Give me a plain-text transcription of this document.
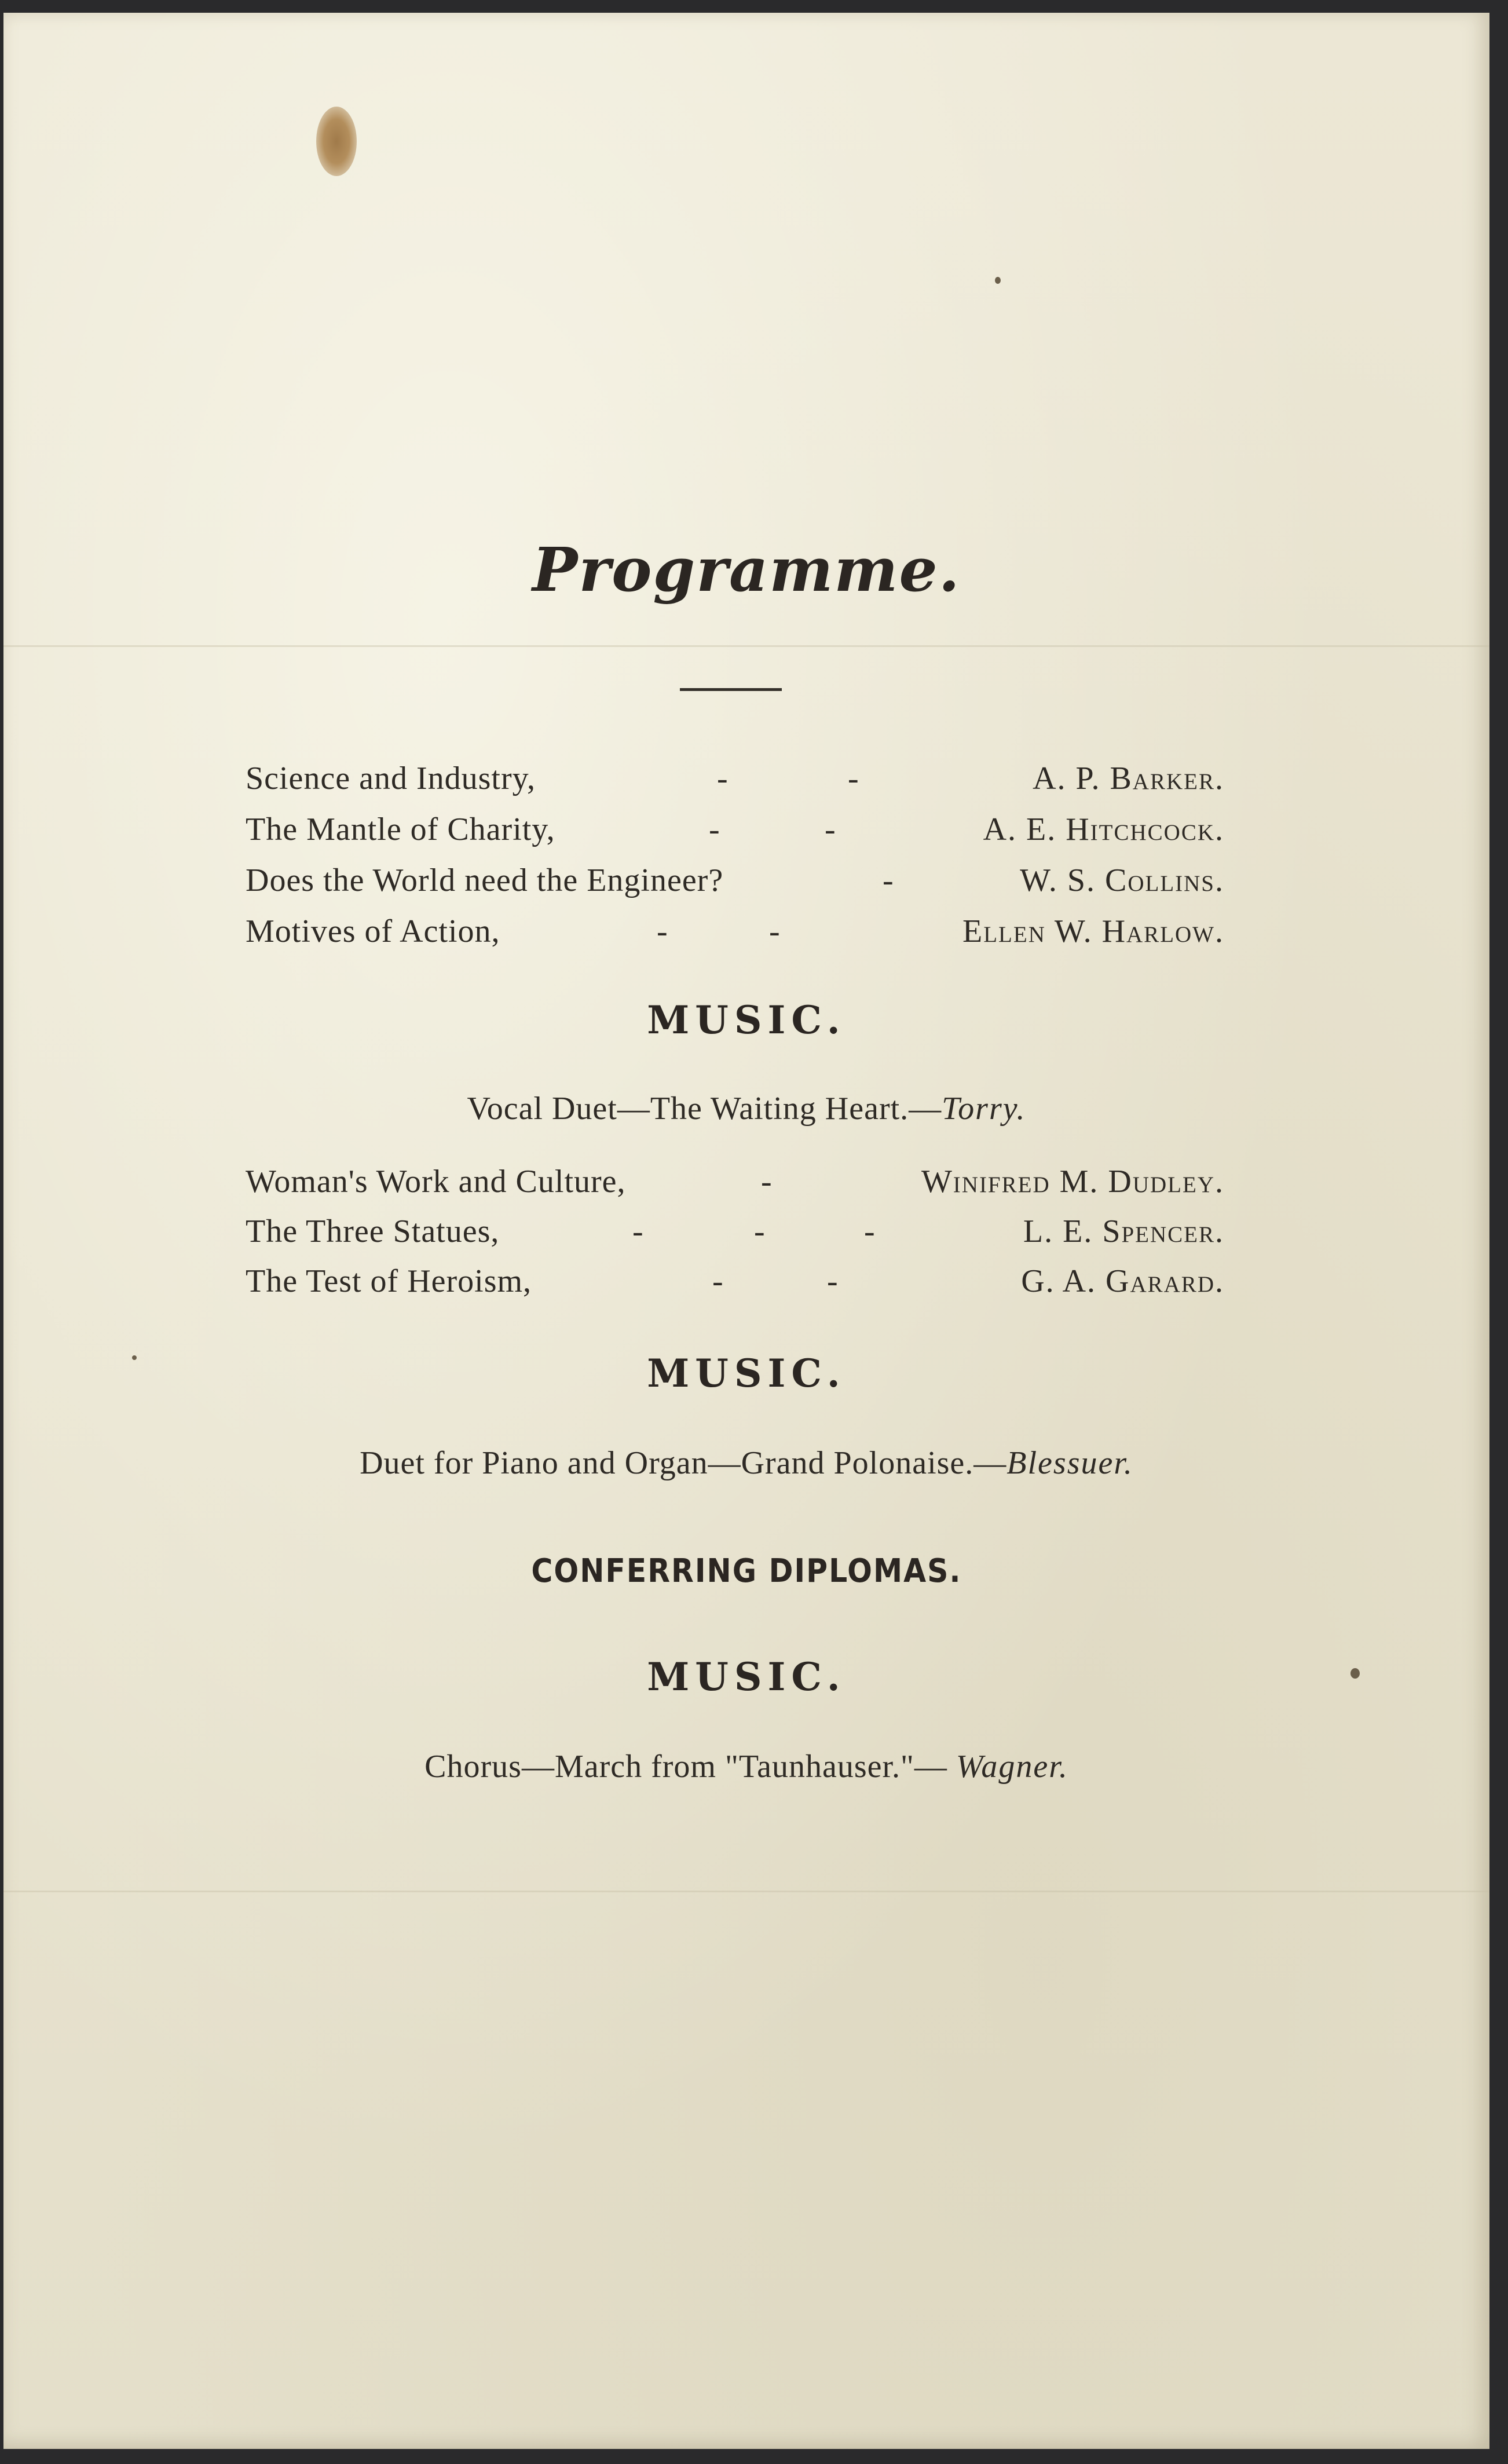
Programme.
Science and Industry,	-	-	A. P. Barker.
The Mantle of Charity,	-	-	A. E. Hitchcock.
Does the World need the Engineer?	-	W. S. Collins.
Motives of Action,	-	-	Ellen W. Harlow.
MUSIC.
Vocal Duet—The Waiting Heart.—Torry.
Woman's Work and Culture,	-	Winifred M. Dudley.
The Three Statues,	-	-	-	L. E. Spencer.
The Test of Heroism,	-	-	G. A. Garard.
MUSIC.
Duet for Piano and Organ—Grand Polonaise.—Blessuer.
CONFERRING DIPLOMAS.
MUSIC.
Chorus—March from "Taunhauser."— Wagner.
